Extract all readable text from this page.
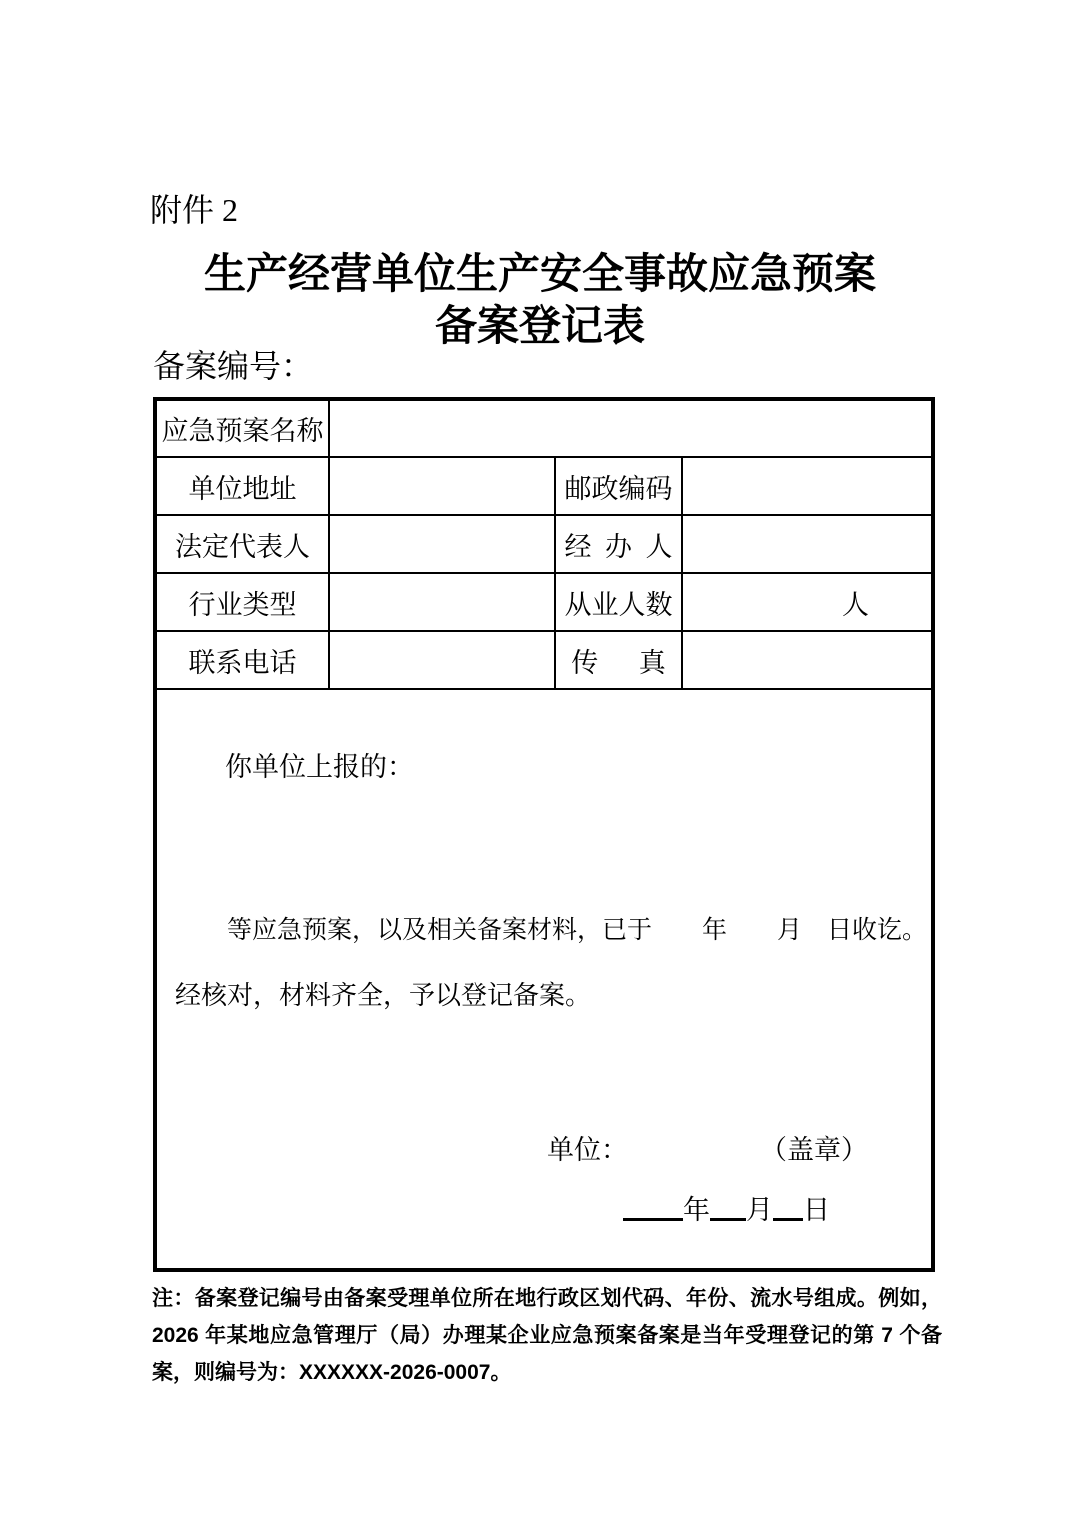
附件 2
生产经营单位生产安全事故应急预案
备案登记表
备案编号：
应急预案名称			
单位地址		邮政编码	
法定代表人		经 办 人	
行业类型		从业人数	人
联系电话		传  真	

你单位上报的：
等应急预案，以及相关备案材料，已于　　年　　月　日收讫。
经核对，材料齐全，予以登记备案。
单位： （盖章）
年 月 日			
注：备案登记编号由备案受理单位所在地行政区划代码、年份、流水号组成。例如，2026 年某地应急管理厅（局）办理某企业应急预案备案是当年受理登记的第 7 个备案，则编号为：XXXXXX-2026-0007。
